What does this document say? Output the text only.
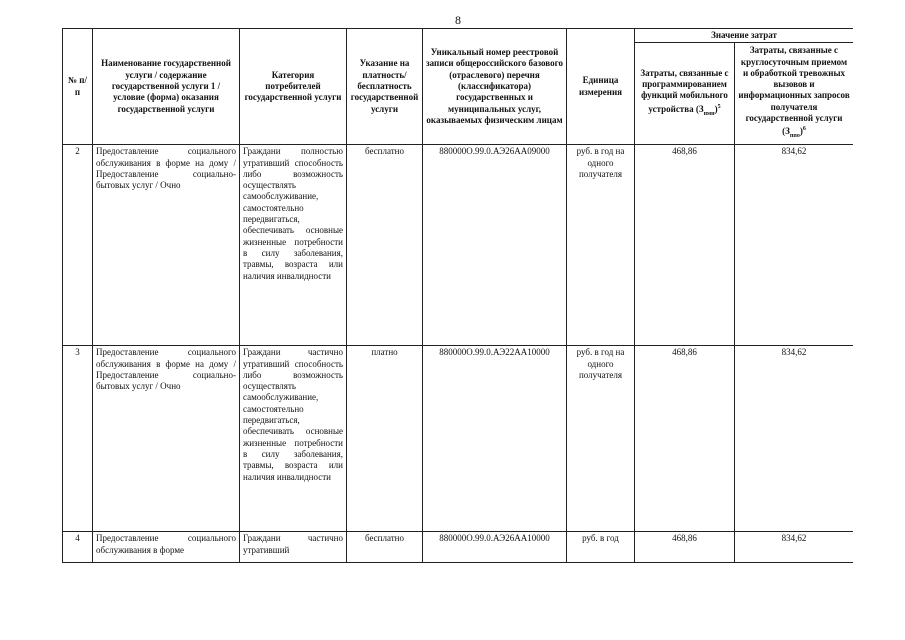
8
№ п/п	Наименование государственной услуги / содержание государственной услуги 1 / условие (форма) оказания государственной услуги	Категория потребителей государственной услуги	Указание на платность/ бесплатность государственной услуги	Уникальный номер реестровой записи общероссийского базового (отраслевого) перечня (классификатора) государственных и муниципальных услуг, оказываемых физическим лицам	Единица измерения	Значение затрат	
						Затраты, связанные с программированием функций мобильного устройства $(З_{пмн})^5$	Затраты, связанные с круглосуточным приемом и обработкой тревожных вызовов и информационных запросов получателя государственной услуги $(З_{ппо})^6$
2	Предоставление социального обслуживания в форме на дому / Предоставление социально-бытовых услуг / Очно	Граждани полностью утративший способность либо возможность осуществлять самообслуживание, самостоятельно передвигаться, обеспечивать основные жизненные потребности в силу заболевания, травмы, возраста или наличия инвалидности	бесплатно	880000О.99.0.АЭ26АА09000	руб. в год на одного получателя	468,86	834,62
3	Предоставление социального обслуживания в форме на дому / Предоставление социально-бытовых услуг / Очно	Граждани частично утративший способность либо возможность осуществлять самообслуживание, самостоятельно передвигаться, обеспечивать основные жизненные потребности в силу заболевания, травмы, возраста или наличия инвалидности	платно	880000О.99.0.АЭ22АА10000	руб. в год на одного получателя	468,86	834,62
4	Предоставление социального обслуживания в форме	Граждани частично утративший	бесплатно	880000О.99.0.АЭ26АА10000	руб. в год	468,86	834,62
